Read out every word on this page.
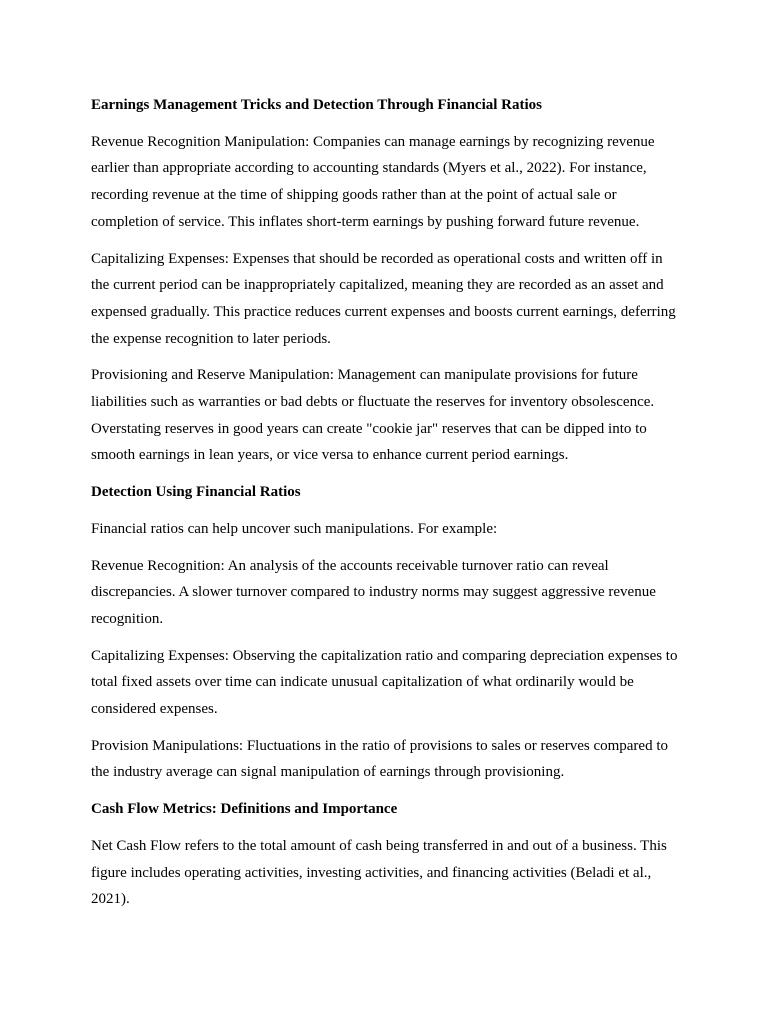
Earnings Management Tricks and Detection Through Financial Ratios
Revenue Recognition Manipulation: Companies can manage earnings by recognizing revenue earlier than appropriate according to accounting standards (Myers et al., 2022). For instance, recording revenue at the time of shipping goods rather than at the point of actual sale or completion of service. This inflates short-term earnings by pushing forward future revenue.
Capitalizing Expenses: Expenses that should be recorded as operational costs and written off in the current period can be inappropriately capitalized, meaning they are recorded as an asset and expensed gradually. This practice reduces current expenses and boosts current earnings, deferring the expense recognition to later periods.
Provisioning and Reserve Manipulation: Management can manipulate provisions for future liabilities such as warranties or bad debts or fluctuate the reserves for inventory obsolescence. Overstating reserves in good years can create "cookie jar" reserves that can be dipped into to smooth earnings in lean years, or vice versa to enhance current period earnings.
Detection Using Financial Ratios
Financial ratios can help uncover such manipulations. For example:
Revenue Recognition: An analysis of the accounts receivable turnover ratio can reveal discrepancies. A slower turnover compared to industry norms may suggest aggressive revenue recognition.
Capitalizing Expenses: Observing the capitalization ratio and comparing depreciation expenses to total fixed assets over time can indicate unusual capitalization of what ordinarily would be considered expenses.
Provision Manipulations: Fluctuations in the ratio of provisions to sales or reserves compared to the industry average can signal manipulation of earnings through provisioning.
Cash Flow Metrics: Definitions and Importance
Net Cash Flow refers to the total amount of cash being transferred in and out of a business. This figure includes operating activities, investing activities, and financing activities (Beladi et al., 2021).
